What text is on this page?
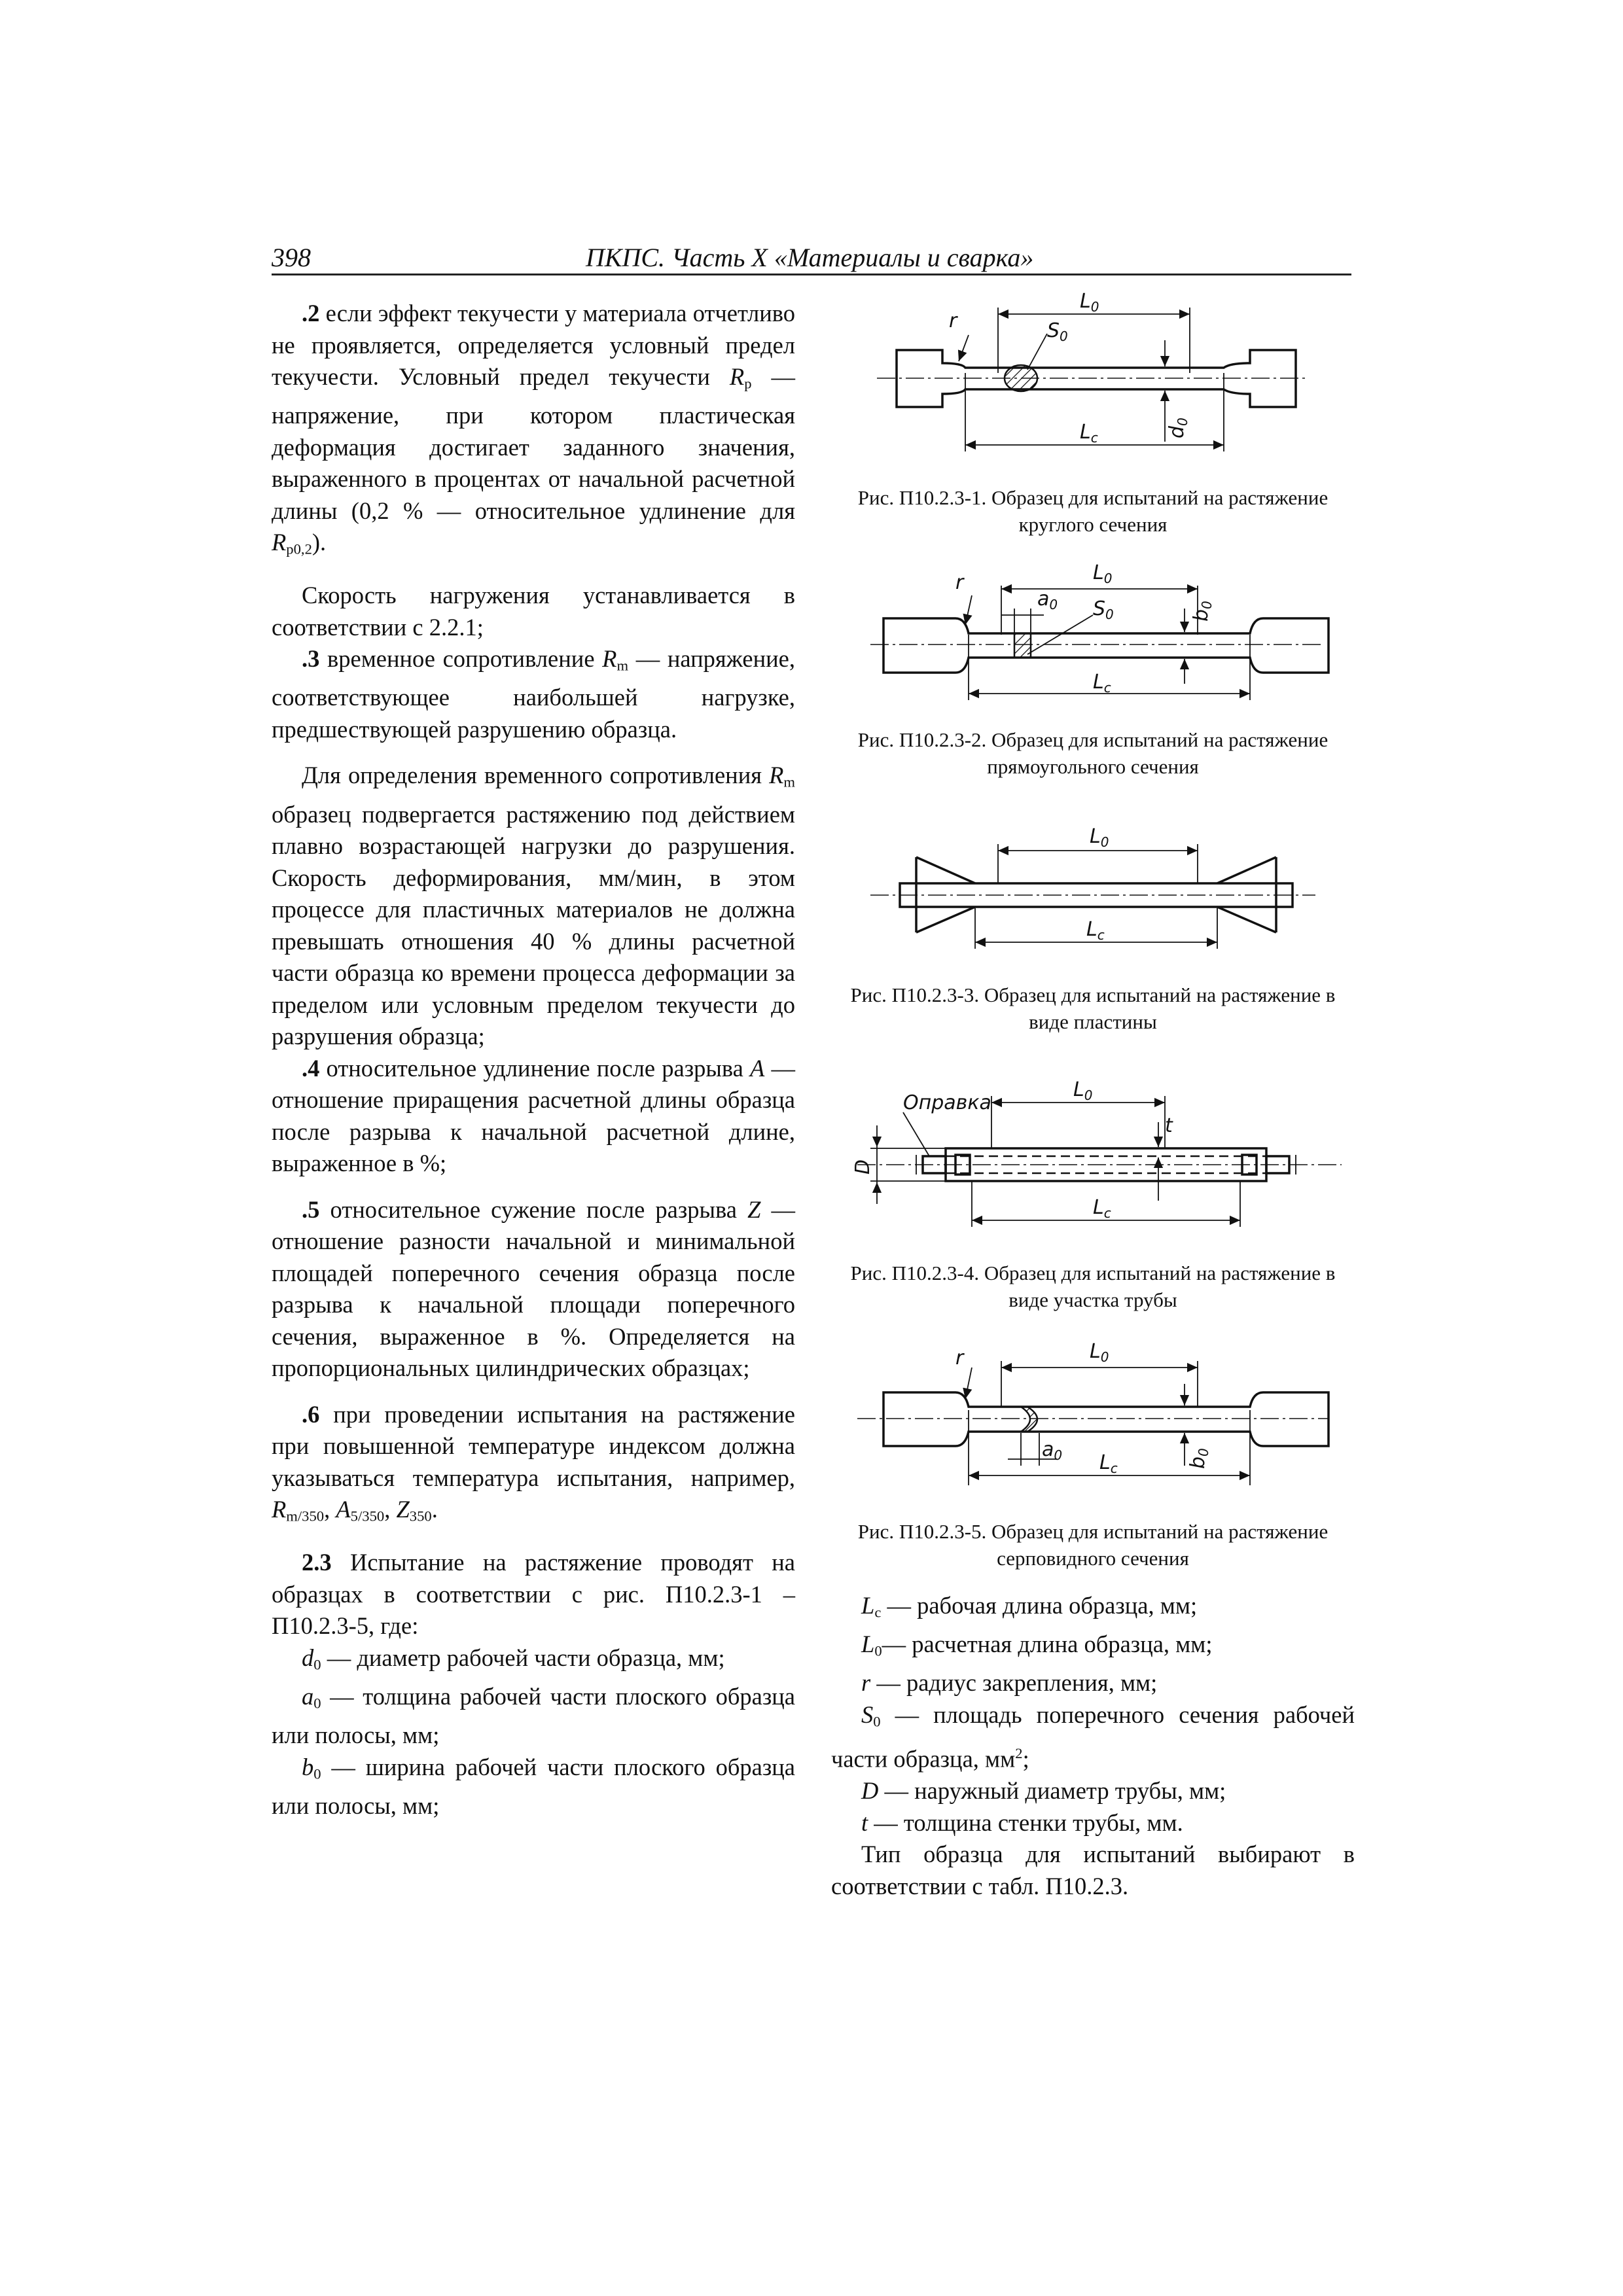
398	ПКПС. Часть X «Материалы и сварка»

.2 если эффект текучести у материала отчетливо не проявляется, определяется условный предел текучести. Условный предел текучести $R_p$ — напряжение, при котором пластическая деформация достигает заданного значения, выраженного в процентах от начальной расчетной длины (0,2 % — относительное удлинение для $R_{p0,2}$).

Скорость нагружения устанавливается в соответствии с 2.2.1;

.3 временное сопротивление $R_m$ — напряжение, соответствующее наибольшей нагрузке, предшествующей разрушению образца.

Для определения временного сопротивления $R_m$ образец подвергается растяжению под действием плавно возрастающей нагрузки до разрушения. Скорость деформирования, мм/мин, в этом процессе для пластичных материалов не должна превышать отношения 40 % длины расчетной части образца ко времени процесса деформации за пределом или условным пределом текучести до разрушения образца;

.4 относительное удлинение после разрыва A — отношение приращения расчетной длины образца после разрыва к начальной расчетной длине, выраженное в %;

.5 относительное сужение после разрыва Z — отношение разности начальной и минимальной площадей поперечного сечения образца после разрыва к начальной площади поперечного сечения, выраженное в %. Определяется на пропорциональных цилиндрических образцах;

.6 при проведении испытания на растяжение при повышенной температуре индексом должна указываться температура испытания, например, $R_{m/350}$, $A_{5/350}$, $Z_{350}$.

2.3 Испытание на растяжение проводят на образцах в соответствии с рис. П10.2.3-1 – П10.2.3-5, где:

$d_0$ — диаметр рабочей части образца, мм;

$a_0$ — толщина рабочей части плоского образца или полосы, мм;

$b_0$ — ширина рабочей части плоского образца или полосы, мм;

$L_0$
$S_0$
$L_c$
r
$d_0$
Рис. П10.2.3-1. Образец для испытаний на растяжение круглого сечения
$L_0$
$a_0$ $S_0$
$L_c$
r
$b_0$
Рис. П10.2.3-2. Образец для испытаний на растяжение прямоугольного сечения
$L_0$
$L_c$
Рис. П10.2.3-3. Образец для испытаний на растяжение в виде пластины
Оправка
$L_0$
t
$L_c$
D
Рис. П10.2.3-4. Образец для испытаний на растяжение в виде участка трубы
$L_0$
$a_0$ $L_c$
r
$b_0$
Рис. П10.2.3-5. Образец для испытаний на растяжение серповидного сечения

$L_c$ — рабочая длина образца, мм;

$L_0—$ расчетная длина образца, мм;

r — радиус закрепления, мм;

$S_0$ — площадь поперечного сечения рабочей части образца, $мм^2$;

D — наружный диаметр трубы, мм;

t — толщина стенки трубы, мм.

Тип образца для испытаний выбирают в соответствии с табл. П10.2.3.
